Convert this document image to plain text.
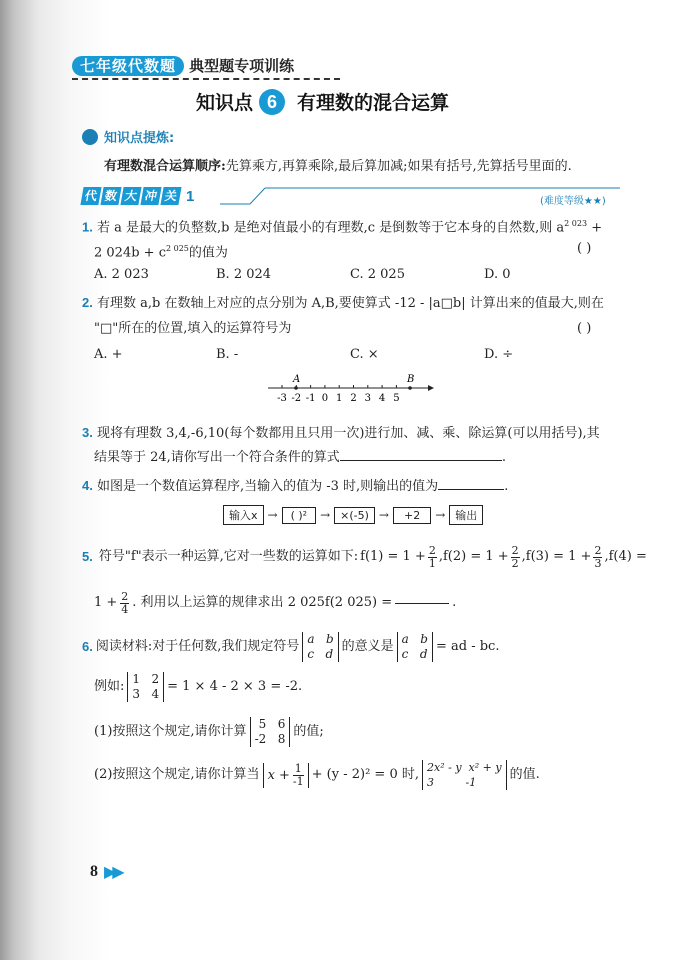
七年级代数题 典型题专项训练
知识点 6	有理数的混合运算
知识点提炼:
有理数混合运算顺序:先算乘方,再算乘除,最后算加减;如果有括号,先算括号里面的.
代 数 大 冲 关 1	(难度等级★★)
1. 若 a 是最大的负整数,b 是绝对值最小的有理数,c 是倒数等于它本身的自然数,则 $a^{2 023}$ +
2 $024b + c^{2 025}$的值为	( )
A. 2 023	B. 2 024	C. 2 025	D. 0
2. 有理数 a,b 在数轴上对应的点分别为 A,B,要使算式 -12 - |a□b| 计算出来的值最大,则在
"□"所在的位置,填入的运算符号为	( )
A. +	B. -	C. ×	D. ÷
-3 -2 -1 0 1 2 3 4 5
A	B
3. 现将有理数 3,4,-6,10(每个数都用且只用一次)进行加、减、乘、除运算(可以用括号),其
结果等于 24,请你写出一个符合条件的算式	.
4. 如图是一个数值运算程序,当输入的值为 -3 时,则输出的值为	.
输入x →	( )²	→ ×(-5) →	+2	→ 输出
5. 符号"f"表示一种运算,它对一些数的运算如下: $f(1) = 1 + \frac{2}{1} ,f(2) = 1 + \frac{2}{2} ,f(3) = 1 + \frac{2}{3} ,f(4)$ =
$1 + \frac{2}{4}$ . 利用以上运算的规律求出 2 025f(2 025) =	.
6. 阅读材料:对于任何数,我们规定符号 a b
c d 的意义是 a b
c d = ad - bc.
例如: 1 2
3 4 = 1 × 4 - 2 × 3 = -2.
(1)按照这个规定,请你计算	5 6
-2 8 的值;
(2)按照这个规定,请你计算当 $x + \frac{1}{-1} + (y - 2)^2 = 0$ 时, 2x² - y x² + y
3	-1
的值.
8 ▶▶
